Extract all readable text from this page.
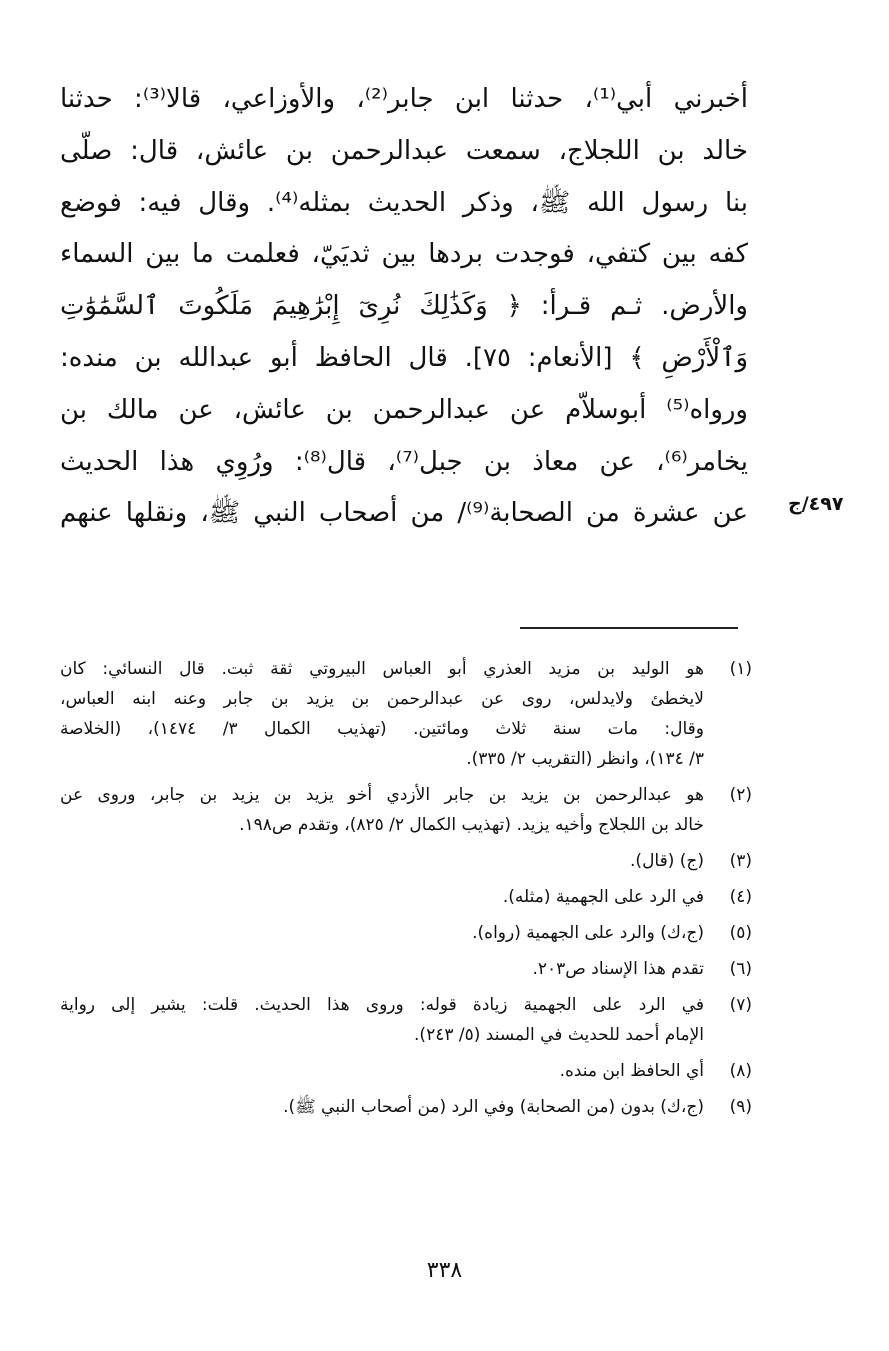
أخبرني أبي⁽¹⁾، حدثنا ابن جابر⁽²⁾، والأوزاعي، قالا⁽³⁾: حدثنا
خالد بن اللجلاج، سمعت عبدالرحمن بن عائش، قال: صلّى
بنا رسول الله ﷺ، وذكر الحديث بمثله⁽⁴⁾. وقال فيه: فوضع
كفه بين كتفي، فوجدت بردها بين ثديَيّ، فعلمت ما بين السماء
والأرض. ثـم قـرأ: ﴿ وَكَذَٰلِكَ نُرِىٓ إِبْرَٰهِيمَ مَلَكُوتَ ٱلسَّمَٰوَٰتِ
وَٱلْأَرْضِ ﴾ [الأنعام: ٧٥]. قال الحافظ أبو عبدالله بن منده:
ورواه⁽⁵⁾ أبوسلاّم عن عبدالرحمن بن عائش، عن مالك بن
يخامر⁽⁶⁾، عن معاذ بن جبل⁽⁷⁾، قال⁽⁸⁾: ورُوِي هذا الحديث
عن عشرة من الصحابة⁽⁹⁾/ من أصحاب النبي ﷺ، ونقلها عنهم ٤٩٧/ج
(١)
هو الوليد بن مزيد العذري أبو العباس البيروتي ثقة ثبت. قال النسائي: كان
لايخطئ ولايدلس، روى عن عبدالرحمن بن يزيد بن جابر وعنه ابنه العباس،
وقال: مات سنة ثلاث ومائتين. (تهذيب الكمال ٣/ ١٤٧٤)، (الخلاصة
٣/ ١٣٤)، وانظر (التقريب ٢/ ٣٣٥).
(٢)
هو عبدالرحمن بن يزيد بن جابر الأزدي أخو يزيد بن يزيد بن جابر، وروى عن
خالد بن اللجلاج وأخيه يزيد. (تهذيب الكمال ٢/ ٨٢٥)، وتقدم ص١٩٨.
(٣)
(ج) (قال).
(٤)
في الرد على الجهمية (مثله).
(٥)
(ج،ك) والرد على الجهمية (رواه).
(٦)
تقدم هذا الإسناد ص٢٠٣.
(٧)
في الرد على الجهمية زيادة قوله: وروى هذا الحديث. قلت: يشير إلى رواية
الإمام أحمد للحديث في المسند (٥/ ٢٤٣).
(٨)
أي الحافظ ابن منده.
(٩)
(ج،ك) بدون (من الصحابة) وفي الرد (من أصحاب النبي ﷺ).
٣٣٨
